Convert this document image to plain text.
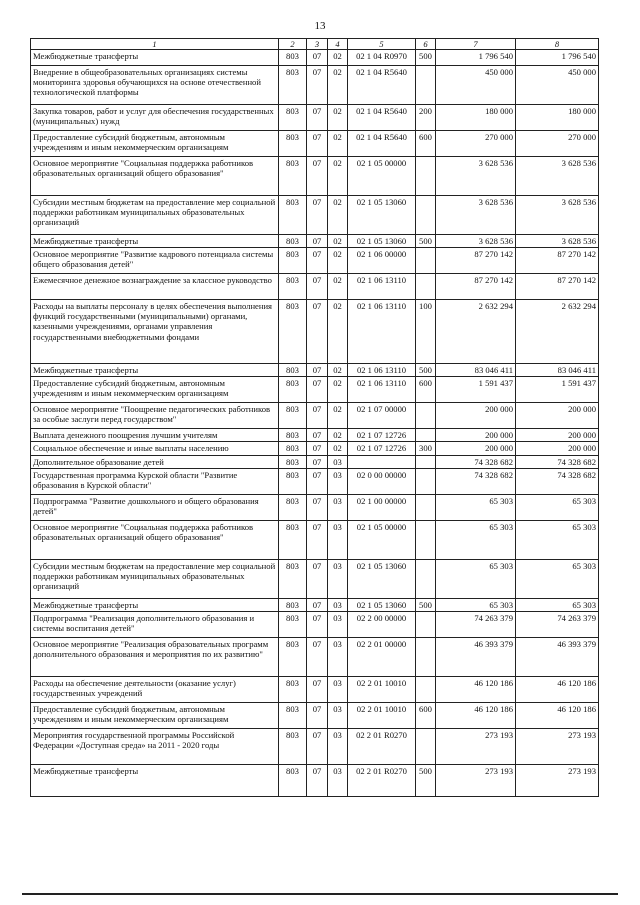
13
1	2	3	4	5	6	7	8
Межбюджетные трансферты	803	07	02	02 1 04 R0970	500	1 796 540	1 796 540
Внедрение в общеобразовательных организациях системы мониторинга здоровья обучающихся на основе отечественной технологической платформы	803	07	02	02 1 04 R5640		450 000	450 000
Закупка товаров, работ и услуг для обеспечения государственных (муниципальных) нужд	803	07	02	02 1 04 R5640	200	180 000	180 000
Предоставление субсидий бюджетным, автономным учреждениям и иным некоммерческим организациям	803	07	02	02 1 04 R5640	600	270 000	270 000
Основное мероприятие "Социальная поддержка работников образовательных организаций общего образования"	803	07	02	02 1 05 00000		3 628 536	3 628 536
Субсидии местным бюджетам на предоставление мер социальной поддержки работникам муниципальных образовательных организаций	803	07	02	02 1 05 13060		3 628 536	3 628 536
Межбюджетные трансферты	803	07	02	02 1 05 13060	500	3 628 536	3 628 536
Основное мероприятие "Развитие кадрового потенциала системы общего образования детей"	803	07	02	02 1 06 00000		87 270 142	87 270 142
Ежемесячное денежное вознаграждение за классное руководство	803	07	02	02 1 06 13110		87 270 142	87 270 142
Расходы на выплаты персоналу в целях обеспечения выполнения функций государственными (муниципальными) органами, казенными учреждениями, органами управления государственными внебюджетными фондами	803	07	02	02 1 06 13110	100	2 632 294	2 632 294
Межбюджетные трансферты	803	07	02	02 1 06 13110	500	83 046 411	83 046 411
Предоставление субсидий бюджетным, автономным учреждениям и иным некоммерческим организациям	803	07	02	02 1 06 13110	600	1 591 437	1 591 437
Основное мероприятие "Поощрение педагогических работников за особые заслуги перед государством"	803	07	02	02 1 07 00000		200 000	200 000
Выплата денежного поощрения лучшим учителям	803	07	02	02 1 07 12726		200 000	200 000
Социальное обеспечение и иные выплаты населению	803	07	02	02 1 07 12726	300	200 000	200 000
Дополнительное образование детей	803	07	03			74 328 682	74 328 682
Государственная программа Курской области "Развитие образования в Курской области"	803	07	03	02 0 00 00000		74 328 682	74 328 682
Подпрограмма "Развитие дошкольного и общего образования детей"	803	07	03	02 1 00 00000		65 303	65 303
Основное мероприятие "Социальная поддержка работников образовательных организаций общего образования"	803	07	03	02 1 05 00000		65 303	65 303
Субсидии местным бюджетам на предоставление мер социальной поддержки работникам муниципальных образовательных организаций	803	07	03	02 1 05 13060		65 303	65 303
Межбюджетные трансферты	803	07	03	02 1 05 13060	500	65 303	65 303
Подпрограмма "Реализация дополнительного образования и системы воспитания детей"	803	07	03	02 2 00 00000		74 263 379	74 263 379
Основное мероприятие "Реализация образовательных программ дополнительного образования и мероприятия по их развитию"	803	07	03	02 2 01 00000		46 393 379	46 393 379
Расходы на обеспечение деятельности (оказание услуг) государственных учреждений	803	07	03	02 2 01 10010		46 120 186	46 120 186
Предоставление субсидий бюджетным, автономным учреждениям и иным некоммерческим организациям	803	07	03	02 2 01 10010	600	46 120 186	46 120 186
Мероприятия государственной программы Российской Федерации «Доступная среда» на 2011 - 2020 годы	803	07	03	02 2 01 R0270		273 193	273 193
Межбюджетные трансферты	803	07	03	02 2 01 R0270	500	273 193	273 193
